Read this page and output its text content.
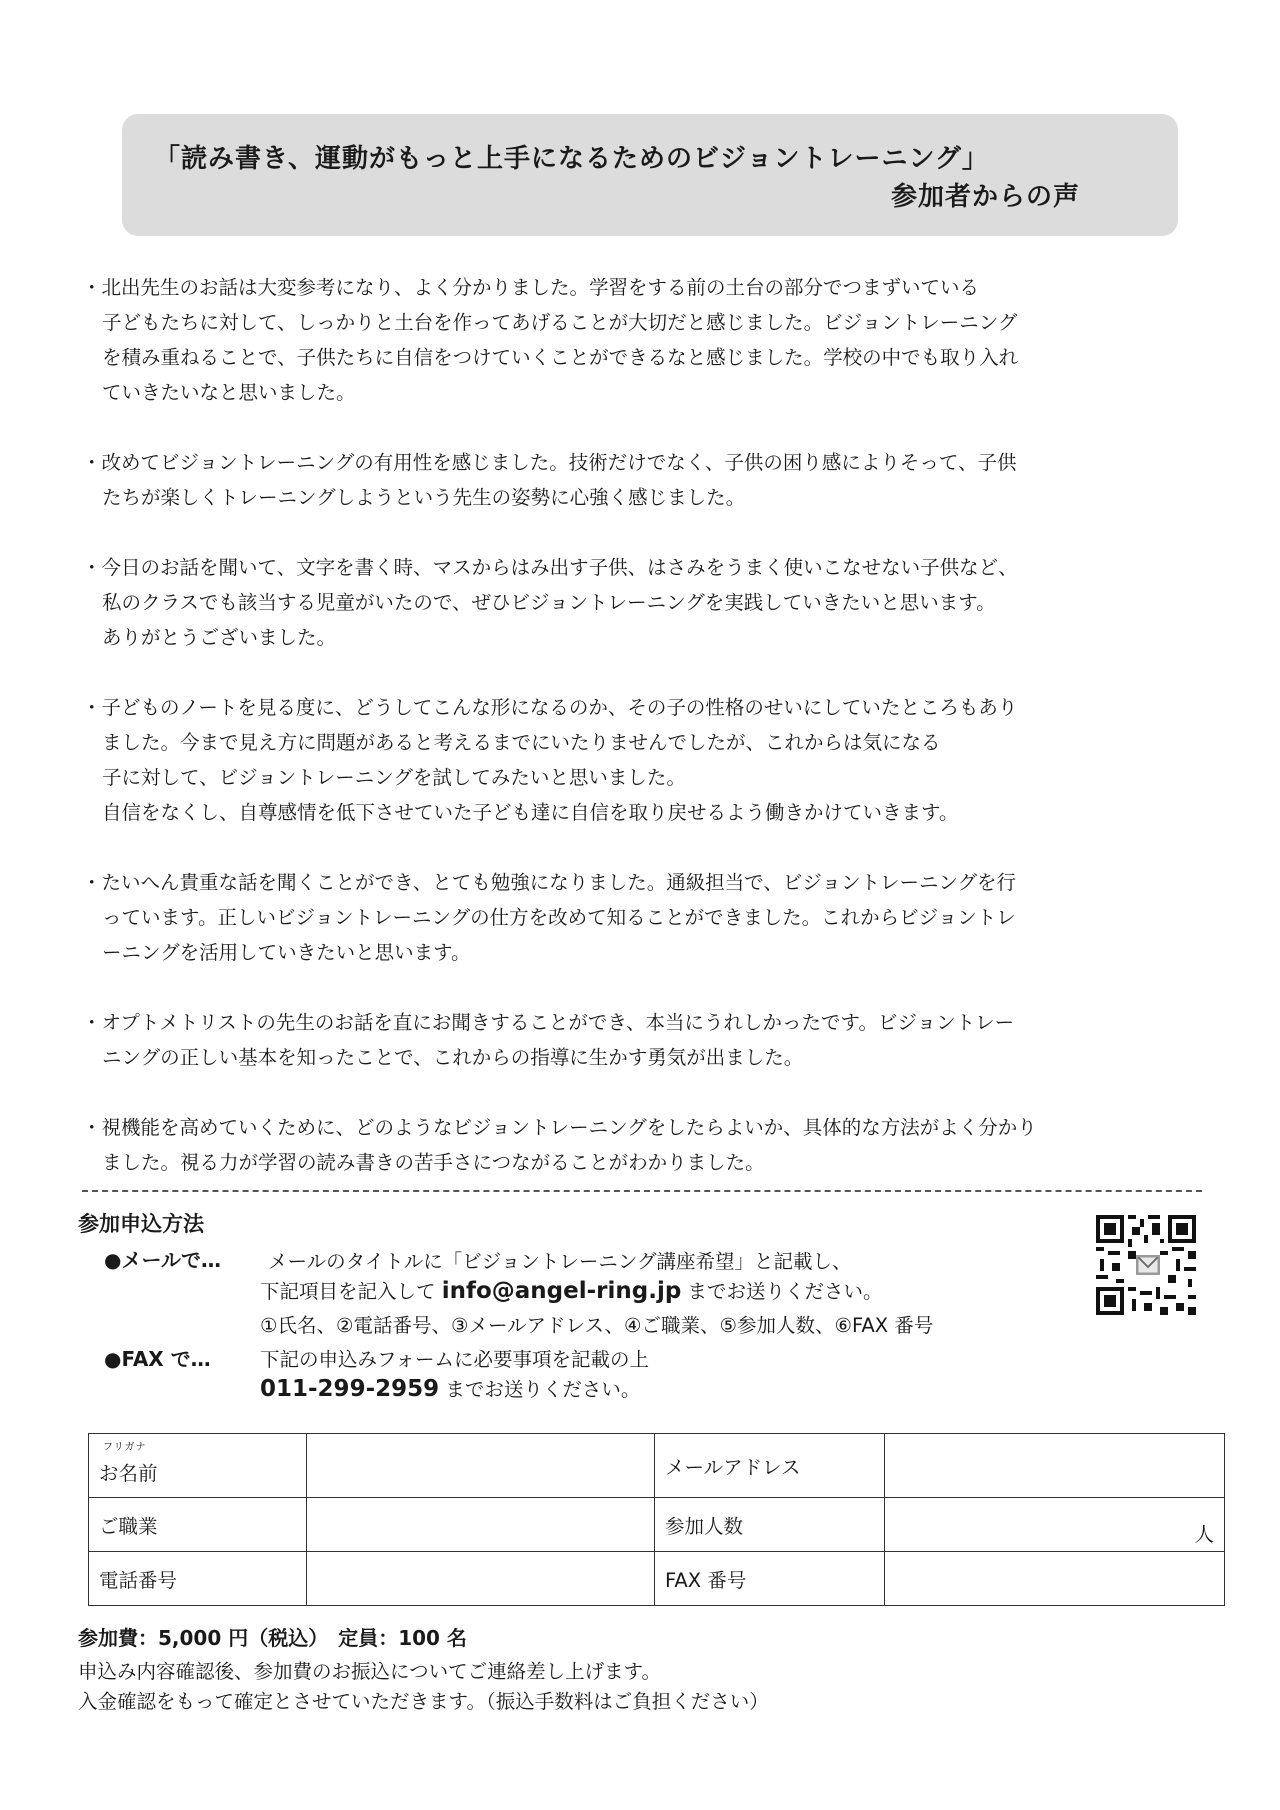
「読み書き、運動がもっと上手になるためのビジョントレーニング」
参加者からの声
・北出先生のお話は大変参考になり、よく分かりました。学習をする前の土台の部分でつまずいている
子どもたちに対して、しっかりと土台を作ってあげることが大切だと感じました。ビジョントレーニング
を積み重ねることで、子供たちに自信をつけていくことができるなと感じました。学校の中でも取り入れ
ていきたいなと思いました。
・改めてビジョントレーニングの有用性を感じました。技術だけでなく、子供の困り感によりそって、子供
たちが楽しくトレーニングしようという先生の姿勢に心強く感じました。
・今日のお話を聞いて、文字を書く時、マスからはみ出す子供、はさみをうまく使いこなせない子供など、
私のクラスでも該当する児童がいたので、ぜひビジョントレーニングを実践していきたいと思います。
ありがとうございました。
・子どものノートを見る度に、どうしてこんな形になるのか、その子の性格のせいにしていたところもあり
ました。今まで見え方に問題があると考えるまでにいたりませんでしたが、これからは気になる
子に対して、ビジョントレーニングを試してみたいと思いました。
自信をなくし、自尊感情を低下させていた子ども達に自信を取り戻せるよう働きかけていきます。
・たいへん貴重な話を聞くことができ、とても勉強になりました。通級担当で、ビジョントレーニングを行
っています。正しいビジョントレーニングの仕方を改めて知ることができました。これからビジョントレ
ーニングを活用していきたいと思います。
・オプトメトリストの先生のお話を直にお聞きすることができ、本当にうれしかったです。ビジョントレー
ニングの正しい基本を知ったことで、これからの指導に生かす勇気が出ました。
・視機能を高めていくために、どのようなビジョントレーニングをしたらよいか、具体的な方法がよく分かり
ました。視る力が学習の読み書きの苦手さにつながることがわかりました。
参加申込方法
●メールで… メールのタイトルに「ビジョントレーニング講座希望」と記載し、
下記項目を記入して info@angel-ring.jp までお送りください。
①氏名、②電話番号、③メールアドレス、④ご職業、⑤参加人数、⑥FAX 番号
●FAX で…	下記の申込みフォームに必要事項を記載の上
011-299-2959 までお送りください。
フリガナ
お名前		メールアドレス	
ご職業		参加人数	人

電話番号		FAX 番号	
参加費：5,000 円（税込）　定員：100 名
申込み内容確認後、参加費のお振込についてご連絡差し上げます。
入金確認をもって確定とさせていただきます。（振込手数料はご負担ください）
